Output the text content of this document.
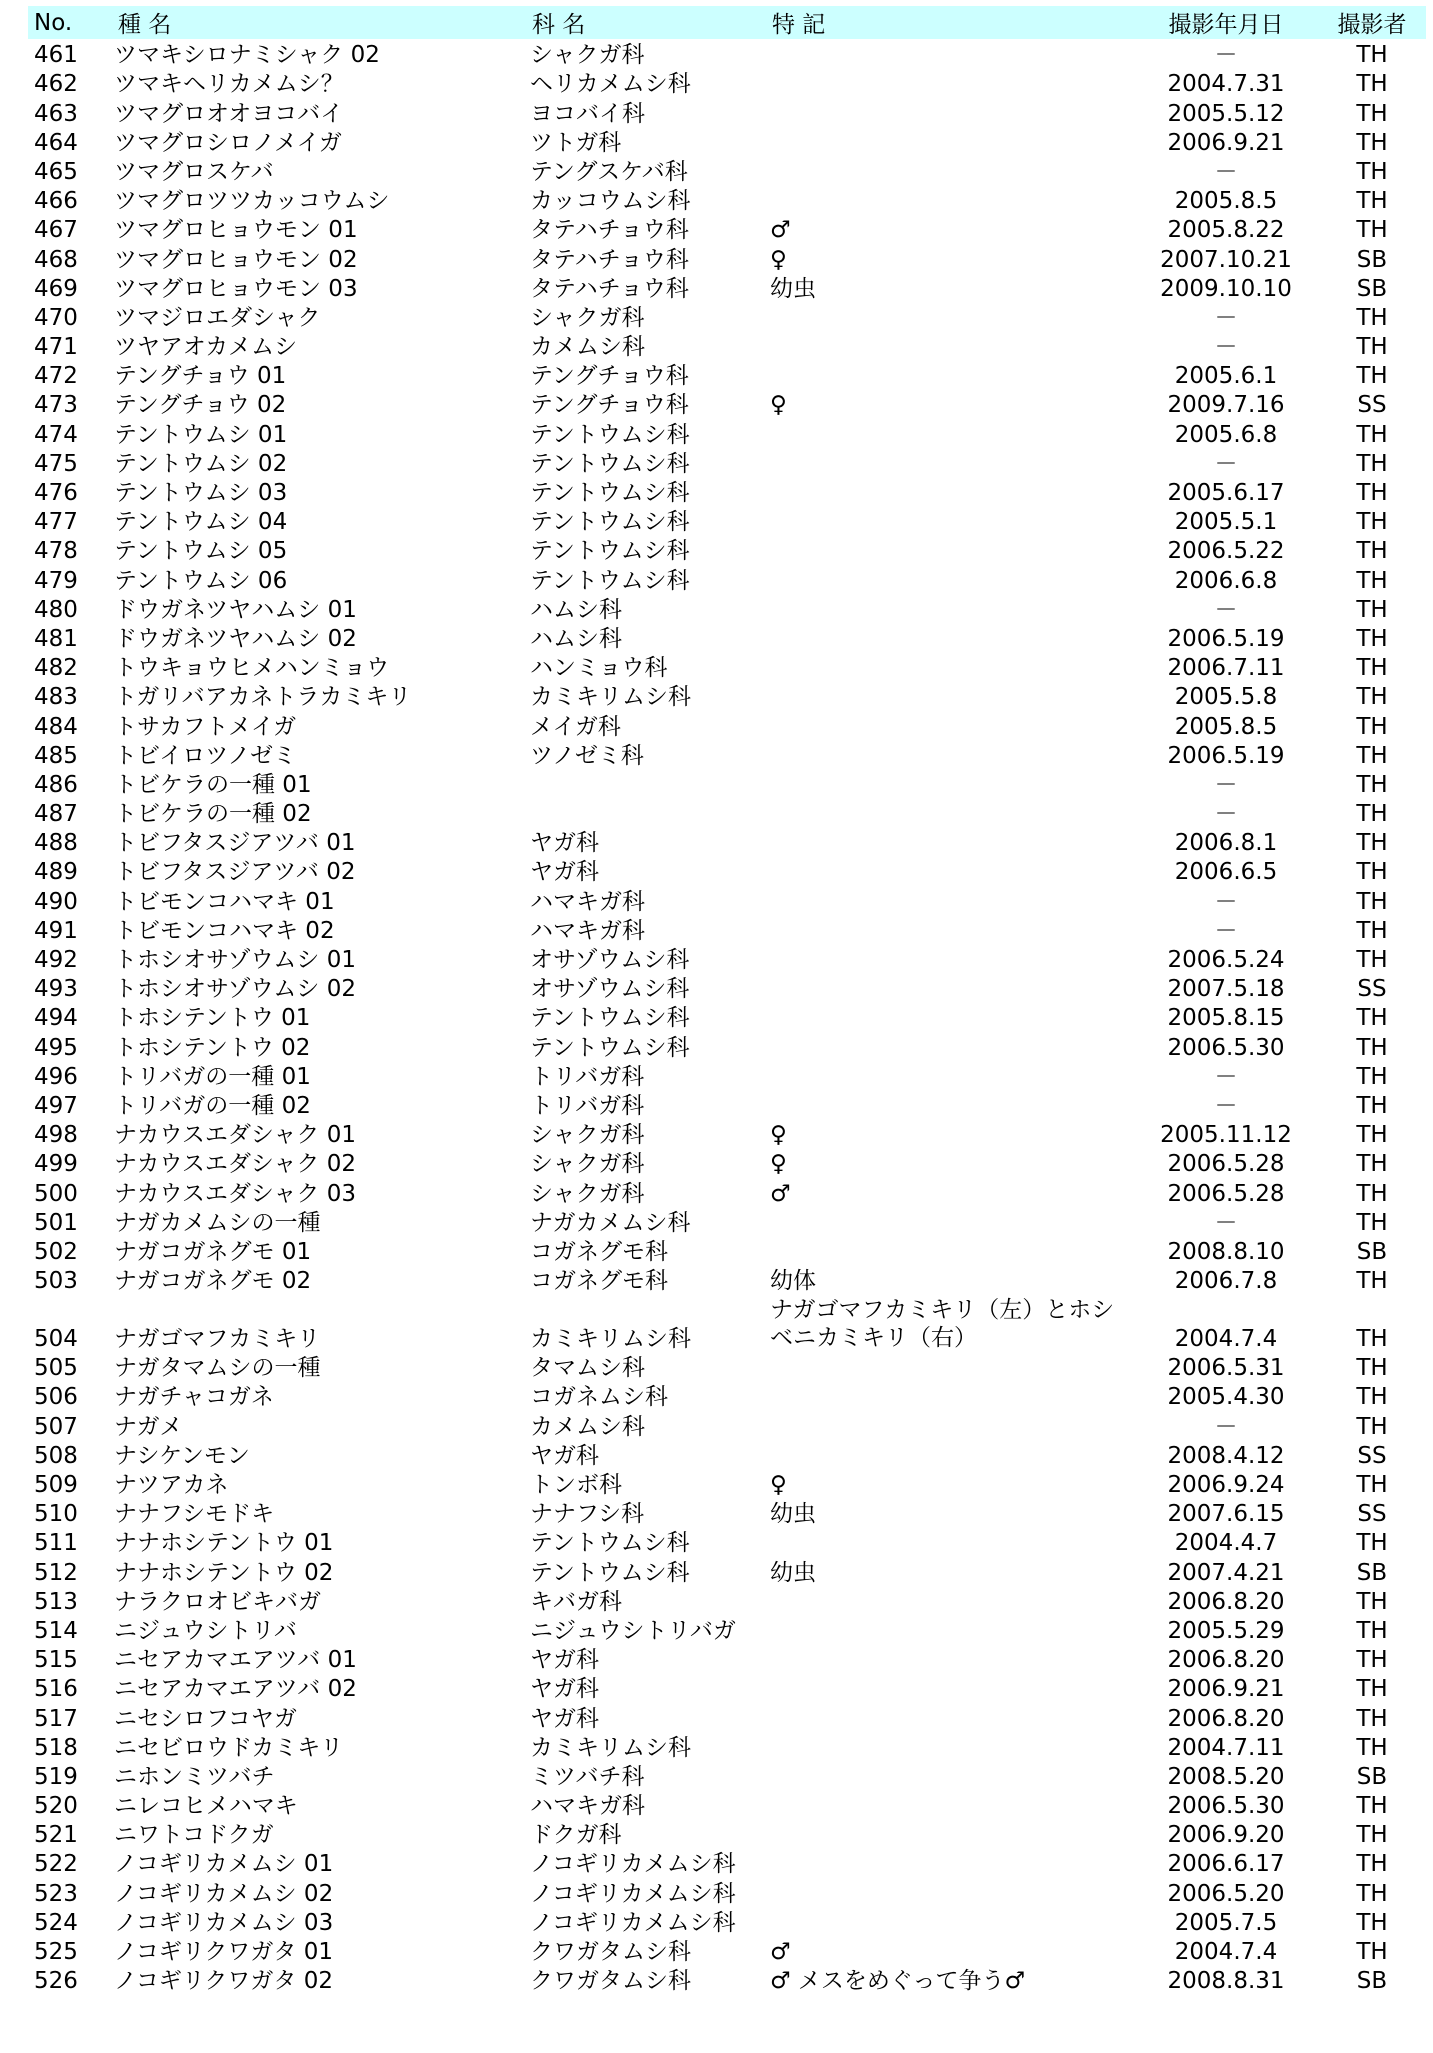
No.	種 名	科 名	特 記	撮影年月日	撮影者
461	ツマキシロナミシャク 02	シャクガ科		－	TH
462	ツマキヘリカメムシ？	ヘリカメムシ科		2004.7.31	TH
463	ツマグロオオヨコバイ	ヨコバイ科		2005.5.12	TH
464	ツマグロシロノメイガ	ツトガ科		2006.9.21	TH
465	ツマグロスケバ	テングスケバ科		－	TH
466	ツマグロツツカッコウムシ	カッコウムシ科		2005.8.5	TH
467	ツマグロヒョウモン 01	タテハチョウ科	♂	2005.8.22	TH
468	ツマグロヒョウモン 02	タテハチョウ科	♀	2007.10.21	SB
469	ツマグロヒョウモン 03	タテハチョウ科	幼虫	2009.10.10	SB
470	ツマジロエダシャク	シャクガ科		－	TH
471	ツヤアオカメムシ	カメムシ科		－	TH
472	テングチョウ 01	テングチョウ科		2005.6.1	TH
473	テングチョウ 02	テングチョウ科	♀	2009.7.16	SS
474	テントウムシ 01	テントウムシ科		2005.6.8	TH
475	テントウムシ 02	テントウムシ科		－	TH
476	テントウムシ 03	テントウムシ科		2005.6.17	TH
477	テントウムシ 04	テントウムシ科		2005.5.1	TH
478	テントウムシ 05	テントウムシ科		2006.5.22	TH
479	テントウムシ 06	テントウムシ科		2006.6.8	TH
480	ドウガネツヤハムシ 01	ハムシ科		－	TH
481	ドウガネツヤハムシ 02	ハムシ科		2006.5.19	TH
482	トウキョウヒメハンミョウ	ハンミョウ科		2006.7.11	TH
483	トガリバアカネトラカミキリ	カミキリムシ科		2005.5.8	TH
484	トサカフトメイガ	メイガ科		2005.8.5	TH
485	トビイロツノゼミ	ツノゼミ科		2006.5.19	TH
486	トビケラの一種 01			－	TH
487	トビケラの一種 02			－	TH
488	トビフタスジアツバ 01	ヤガ科		2006.8.1	TH
489	トビフタスジアツバ 02	ヤガ科		2006.6.5	TH
490	トビモンコハマキ 01	ハマキガ科		－	TH
491	トビモンコハマキ 02	ハマキガ科		－	TH
492	トホシオサゾウムシ 01	オサゾウムシ科		2006.5.24	TH
493	トホシオサゾウムシ 02	オサゾウムシ科		2007.5.18	SS
494	トホシテントウ 01	テントウムシ科		2005.8.15	TH
495	トホシテントウ 02	テントウムシ科		2006.5.30	TH
496	トリバガの一種 01	トリバガ科		－	TH
497	トリバガの一種 02	トリバガ科		－	TH
498	ナカウスエダシャク 01	シャクガ科	♀	2005.11.12	TH
499	ナカウスエダシャク 02	シャクガ科	♀	2006.5.28	TH
500	ナカウスエダシャク 03	シャクガ科	♂	2006.5.28	TH
501	ナガカメムシの一種	ナガカメムシ科		－	TH
502	ナガコガネグモ 01	コガネグモ科		2008.8.10	SB
503	ナガコガネグモ 02	コガネグモ科	幼体	2006.7.8	TH
504	ナガゴマフカミキリ	カミキリムシ科	ナガゴマフカミキリ（左）とホシベニカミキリ（右）	2004.7.4	TH
505	ナガタマムシの一種	タマムシ科		2006.5.31	TH
506	ナガチャコガネ	コガネムシ科		2005.4.30	TH
507	ナガメ	カメムシ科		－	TH
508	ナシケンモン	ヤガ科		2008.4.12	SS
509	ナツアカネ	トンボ科	♀	2006.9.24	TH
510	ナナフシモドキ	ナナフシ科	幼虫	2007.6.15	SS
511	ナナホシテントウ 01	テントウムシ科		2004.4.7	TH
512	ナナホシテントウ 02	テントウムシ科	幼虫	2007.4.21	SB
513	ナラクロオビキバガ	キバガ科		2006.8.20	TH
514	ニジュウシトリバ	ニジュウシトリバガ		2005.5.29	TH
515	ニセアカマエアツバ 01	ヤガ科		2006.8.20	TH
516	ニセアカマエアツバ 02	ヤガ科		2006.9.21	TH
517	ニセシロフコヤガ	ヤガ科		2006.8.20	TH
518	ニセビロウドカミキリ	カミキリムシ科		2004.7.11	TH
519	ニホンミツバチ	ミツバチ科		2008.5.20	SB
520	ニレコヒメハマキ	ハマキガ科		2006.5.30	TH
521	ニワトコドクガ	ドクガ科		2006.9.20	TH
522	ノコギリカメムシ 01	ノコギリカメムシ科		2006.6.17	TH
523	ノコギリカメムシ 02	ノコギリカメムシ科		2006.5.20	TH
524	ノコギリカメムシ 03	ノコギリカメムシ科		2005.7.5	TH
525	ノコギリクワガタ 01	クワガタムシ科	♂	2004.7.4	TH
526	ノコギリクワガタ 02	クワガタムシ科	♂ メスをめぐって争う♂	2008.8.31	SB
